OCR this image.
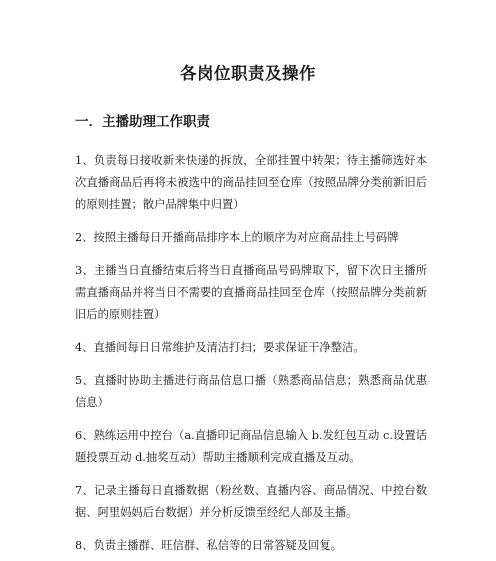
各岗位职责及操作
一．主播助理工作职责
1、负责每日接收新来快递的拆放，全部挂置中转架；待主播筛选好本次直播商品后再将未被选中的商品挂回至仓库（按照品牌分类前新旧后的原则挂置；散户品牌集中归置）
2、按照主播每日开播商品排序本上的顺序为对应商品挂上号码牌
3、主播当日直播结束后将当日直播商品号码牌取下，留下次日主播所需直播商品并将当日不需要的直播商品挂回至仓库（按照品牌分类前新旧后的原则挂置）
4、直播间每日日常维护及清洁打扫；要求保证干净整洁。
5、直播时协助主播进行商品信息口播（熟悉商品信息；熟悉商品优惠信息）
6、熟练运用中控台（a.直播印记商品信息输入 b.发红包互动 c.设置话题投票互动 d.抽奖互动）帮助主播顺利完成直播及互动。
7、记录主播每日直播数据（粉丝数、直播内容、商品情况、中控台数据、阿里妈妈后台数据）并分析反馈至经纪人部及主播。
8、负责主播群、旺信群、私信等的日常答疑及回复。
